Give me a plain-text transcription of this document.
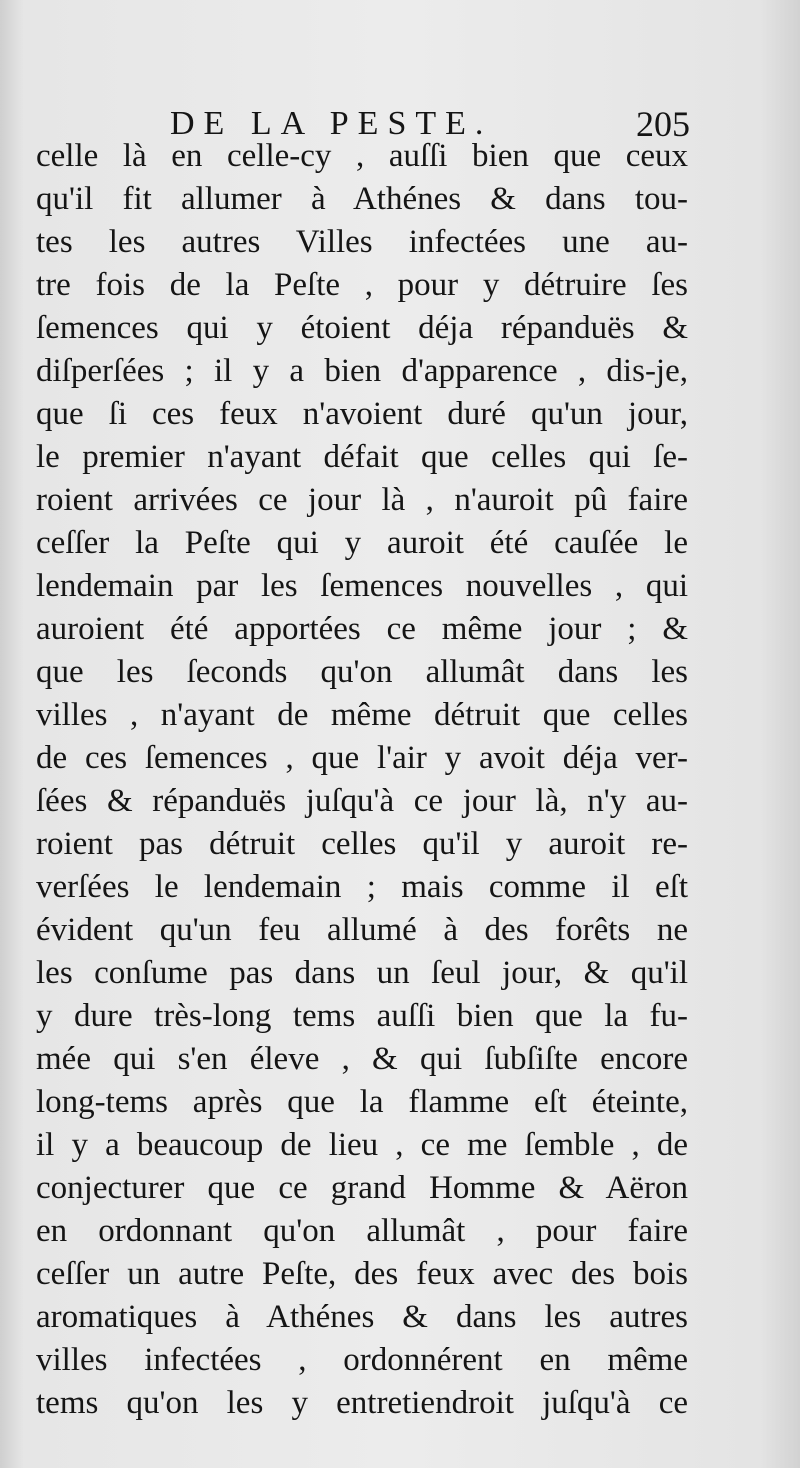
DE LA PESTE.	205
celle là en celle-cy , auſſi bien que ceux
qu'il fit allumer à Athénes & dans tou-
tes les autres Villes infectées une au-
tre fois de la Peſte , pour y détruire ſes
ſemences qui y étoient déja répanduës &
diſperſées ; il y a bien d'apparence , dis-je,
que ſi ces feux n'avoient duré qu'un jour,
le premier n'ayant défait que celles qui ſe-
roient arrivées ce jour là , n'auroit pû faire
ceſſer la Peſte qui y auroit été cauſée le
lendemain par les ſemences nouvelles , qui
auroient été apportées ce même jour ; &
que les ſeconds qu'on allumât dans les
villes , n'ayant de même détruit que celles
de ces ſemences , que l'air y avoit déja ver-
ſées & répanduës juſqu'à ce jour là, n'y au-
roient pas détruit celles qu'il y auroit re-
verſées le lendemain ; mais comme il eſt
évident qu'un feu allumé à des forêts ne
les conſume pas dans un ſeul jour, & qu'il
y dure très-long tems auſſi bien que la fu-
mée qui s'en éleve , & qui ſubſiſte encore
long-tems après que la flamme eſt éteinte,
il y a beaucoup de lieu , ce me ſemble , de
conjecturer que ce grand Homme & Aëron
en ordonnant qu'on allumât , pour faire
ceſſer un autre Peſte, des feux avec des bois
aromatiques à Athénes & dans les autres
villes infectées , ordonnérent en même
tems qu'on les y entretiendroit juſqu'à ce
